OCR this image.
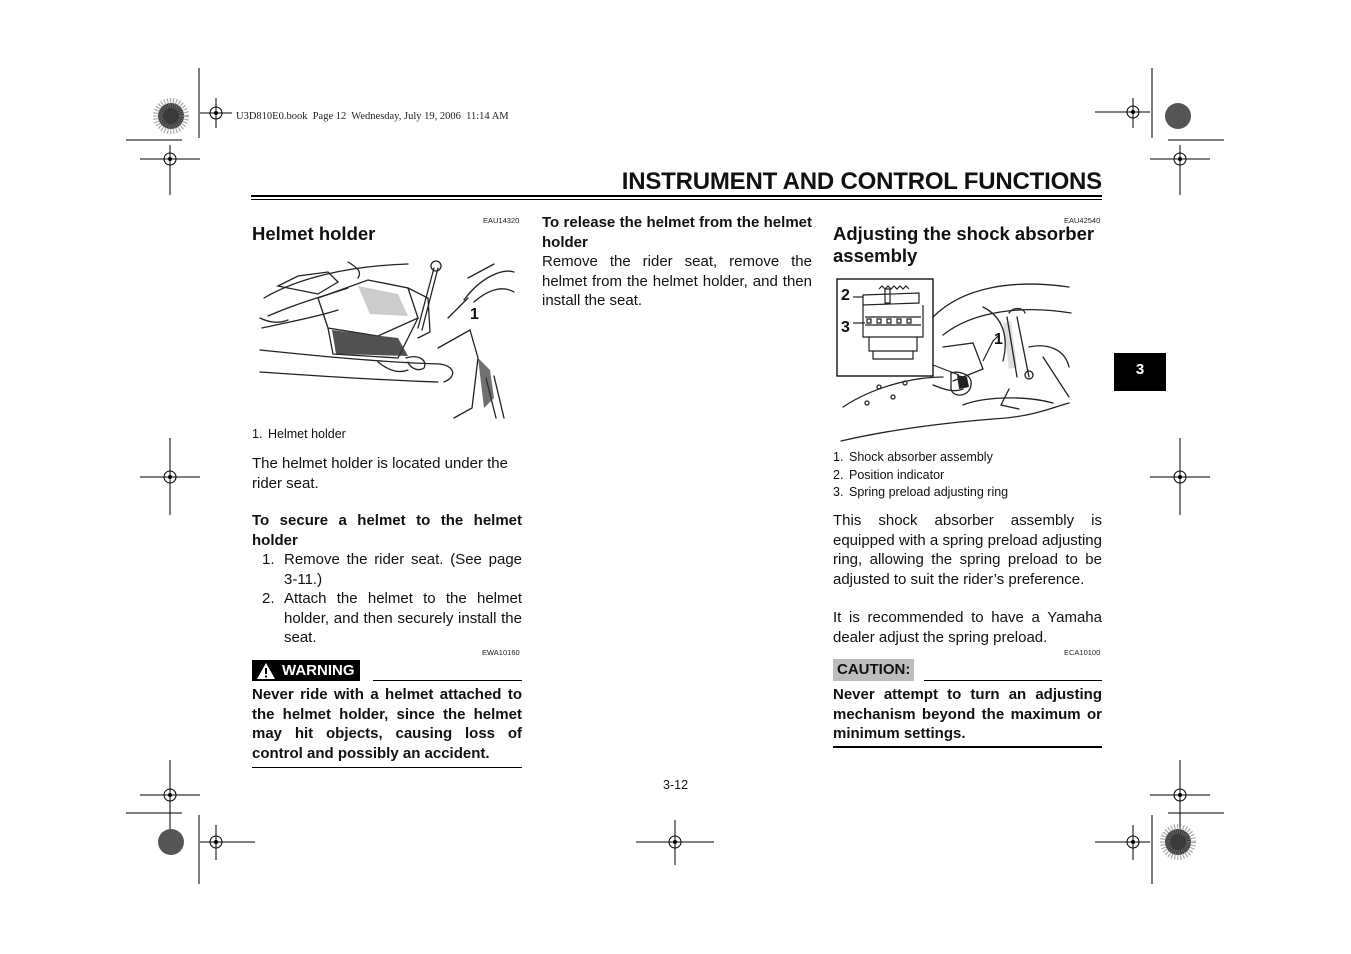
U3D810E0.book  Page 12  Wednesday, July 19, 2006  11:14 AM
INSTRUMENT AND CONTROL FUNCTIONS
3
EAU14320
Helmet holder
1
1. Helmet holder
The helmet holder is located under the rider seat.
To secure a helmet to the helmet holder
1. Remove the rider seat. (See page 3-11.)
2. Attach the helmet to the helmet holder, and then securely install the seat.
EWA10160
WARNING
Never ride with a helmet attached to the helmet holder, since the helmet may hit objects, causing loss of control and possibly an accident.
To release the helmet from the helmet holder
Remove the rider seat, remove the helmet from the helmet holder, and then install the seat.
EAU42540
Adjusting the shock absorber assembly
2
3
1
1. Shock absorber assembly
2. Position indicator
3. Spring preload adjusting ring
This shock absorber assembly is equipped with a spring preload adjusting ring, allowing the spring preload to be adjusted to suit the rider’s preference.
It is recommended to have a Yamaha dealer adjust the spring preload.
ECA10100
CAUTION:
Never attempt to turn an adjusting mechanism beyond the maximum or minimum settings.
3-12
